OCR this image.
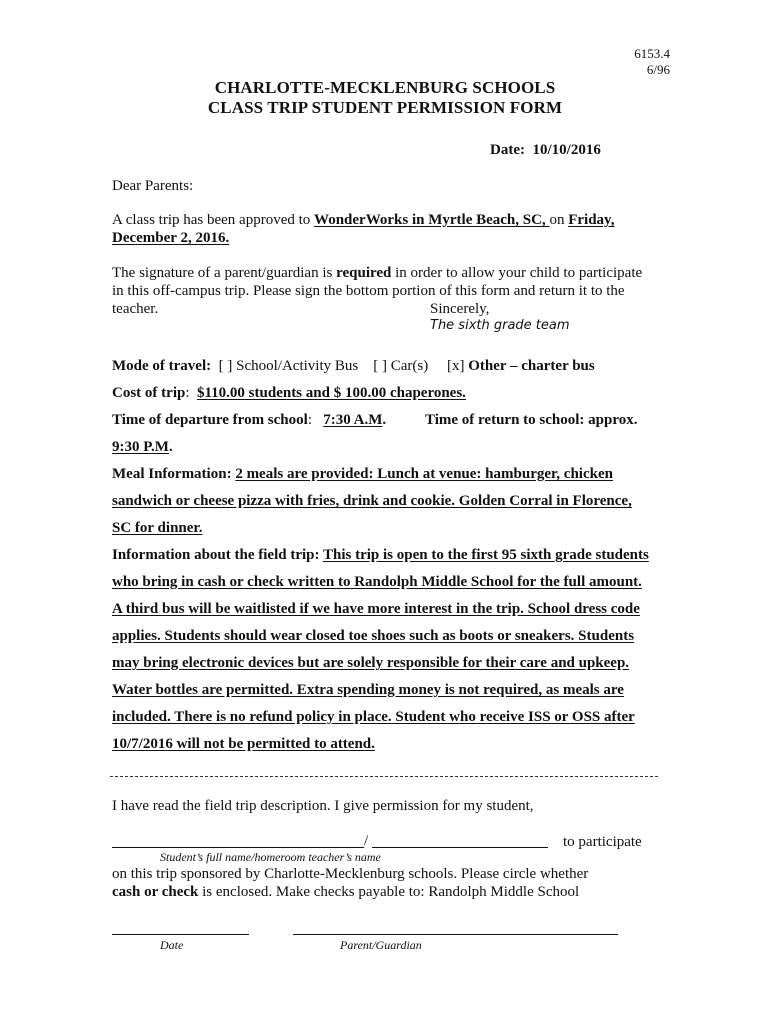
6153.4
6/96
CHARLOTTE-MECKLENBURG SCHOOLS
CLASS TRIP STUDENT PERMISSION FORM
Date: 10/10/2016
Dear Parents:
A class trip has been approved to WonderWorks in Myrtle Beach, SC, on Friday,
December 2, 2016.
The signature of a parent/guardian is required in order to allow your child to participate
in this off-campus trip. Please sign the bottom portion of this form and return it to the
teacher.	Sincerely,
The sixth grade team
Mode of travel: [ ] School/Activity Bus [ ] Car(s) [x] Other – charter bus
Cost of trip: $110.00 students and $ 100.00 chaperones.
Time of departure from school: 7:30 A.M.	Time of return to school: approx.
9:30 P.M.
Meal Information: 2 meals are provided: Lunch at venue: hamburger, chicken
sandwich or cheese pizza with fries, drink and cookie. Golden Corral in Florence,
SC for dinner.
Information about the field trip: This trip is open to the first 95 sixth grade students
who bring in cash or check written to Randolph Middle School for the full amount.
A third bus will be waitlisted if we have more interest in the trip. School dress code
applies. Students should wear closed toe shoes such as boots or sneakers. Students
may bring electronic devices but are solely responsible for their care and upkeep.
Water bottles are permitted. Extra spending money is not required, as meals are
included. There is no refund policy in place. Student who receive ISS or OSS after
10/7/2016 will not be permitted to attend.
I have read the field trip description. I give permission for my student,
/	to participate
Student’s full name/homeroom teacher’s name
on this trip sponsored by Charlotte-Mecklenburg schools. Please circle whether
cash or check is enclosed. Make checks payable to: Randolph Middle School
Date	Parent/Guardian
